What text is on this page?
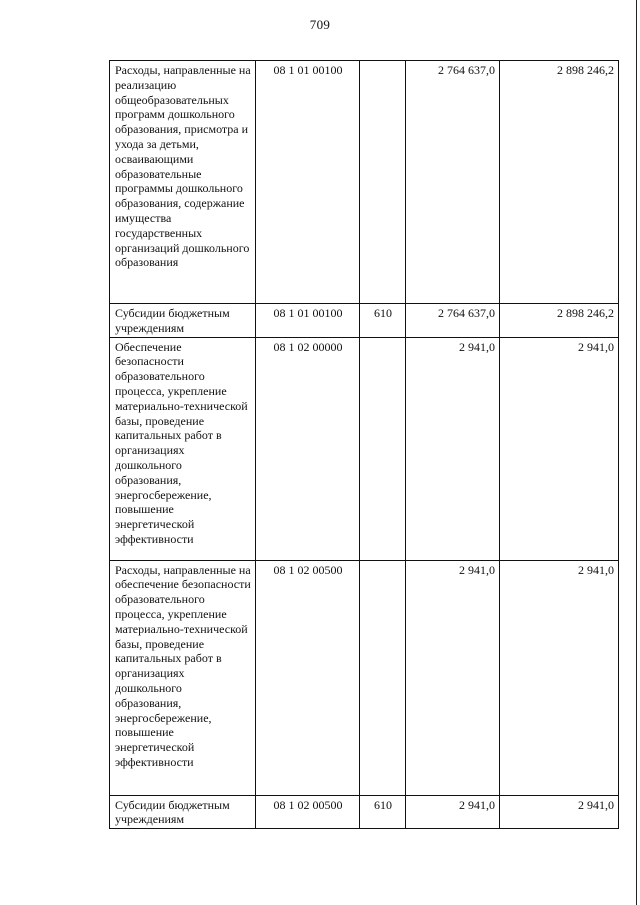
709
Расходы, направленные на реализацию общеобразовательных программ дошкольного образования, присмотра и ухода за детьми, осваивающими образовательные программы дошкольного образования, содержание имущества государственных организаций дошкольного образования	08 1 01 00100		2 764 637,0	2 898 246,2
Субсидии бюджетным учреждениям	08 1 01 00100	610	2 764 637,0	2 898 246,2
Обеспечение безопасности образовательного процесса, укрепление материально-технической базы, проведение капитальных работ в организациях дошкольного образования, энергосбережение, повышение энергетической эффективности	08 1 02 00000		2 941,0	2 941,0
Расходы, направленные на обеспечение безопасности образовательного процесса, укрепление материально-технической базы, проведение капитальных работ в организациях дошкольного образования, энергосбережение, повышение энергетической эффективности	08 1 02 00500		2 941,0	2 941,0
Субсидии бюджетным учреждениям	08 1 02 00500	610	2 941,0	2 941,0
